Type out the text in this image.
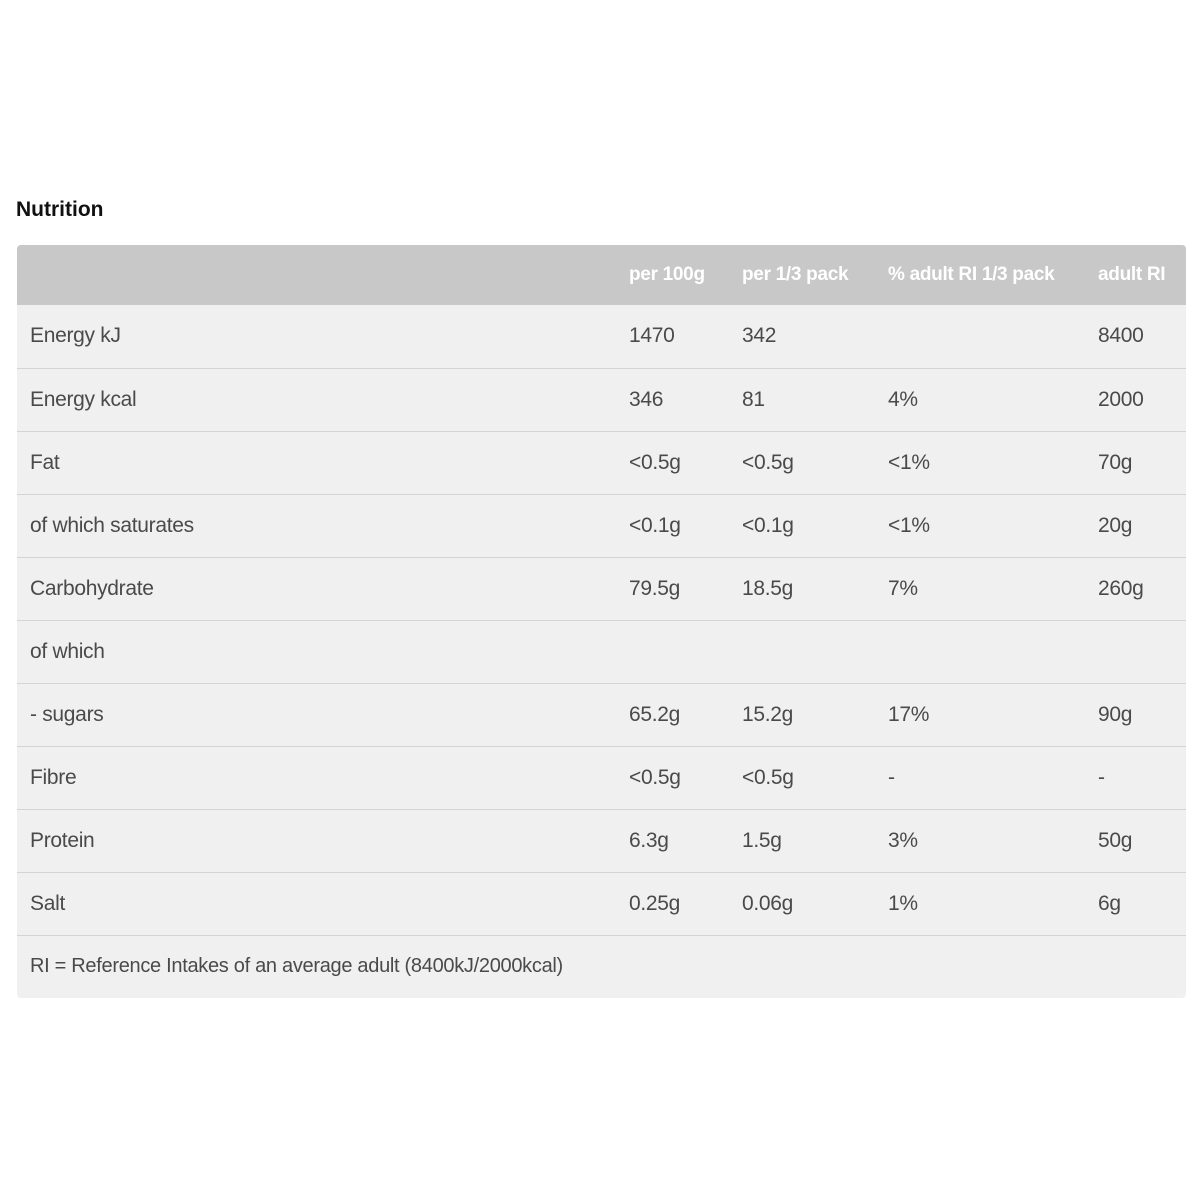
Nutrition
	per 100g	per 1/3 pack	% adult RI 1/3 pack	adult RI
Energy kJ	1470	342		8400
Energy kcal	346	81	4%	2000
Fat	<0.5g	<0.5g	<1%	70g
of which saturates	<0.1g	<0.1g	<1%	20g
Carbohydrate	79.5g	18.5g	7%	260g
of which				
- sugars	65.2g	15.2g	17%	90g
Fibre	<0.5g	<0.5g	-	-
Protein	6.3g	1.5g	3%	50g
Salt	0.25g	0.06g	1%	6g
RI = Reference Intakes of an average adult (8400kJ/2000kcal)				
